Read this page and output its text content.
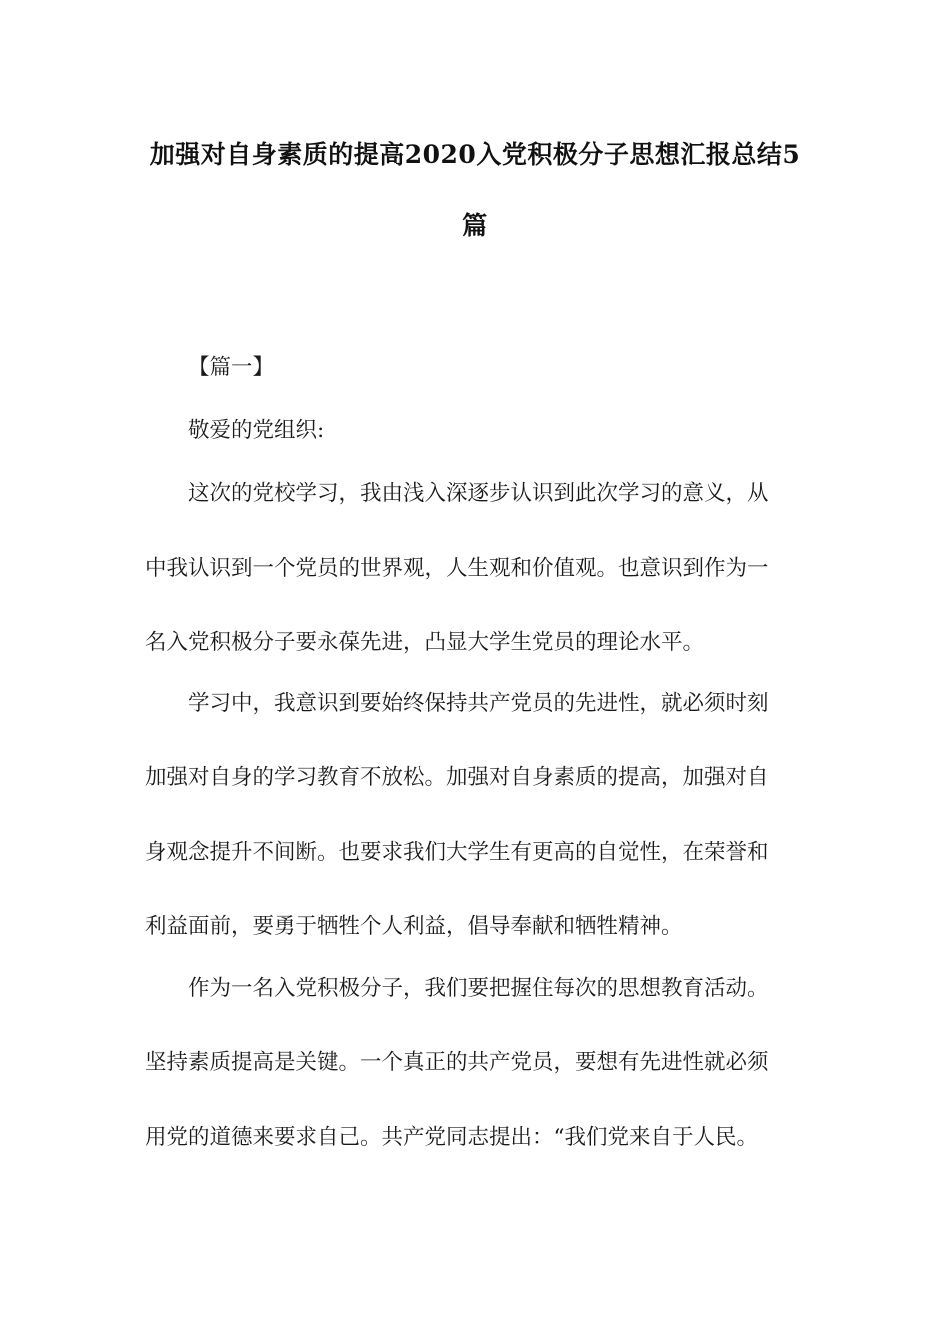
加强对自身素质的提高2020入党积极分子思想汇报总结5
篇
【篇一】
敬爱的党组织:
这次的党校学习，我由浅入深逐步认识到此次学习的意义，从
中我认识到一个党员的世界观，人生观和价值观。也意识到作为一
名入党积极分子要永葆先进，凸显大学生党员的理论水平。
学习中，我意识到要始终保持共产党员的先进性，就必须时刻
加强对自身的学习教育不放松。加强对自身素质的提高，加强对自
身观念提升不间断。也要求我们大学生有更高的自觉性，在荣誉和
利益面前，要勇于牺牲个人利益，倡导奉献和牺牲精神。
作为一名入党积极分子，我们要把握住每次的思想教育活动。
坚持素质提高是关键。一个真正的共产党员，要想有先进性就必须
用党的道德来要求自己。共产党同志提出：“我们党来自于人民。
